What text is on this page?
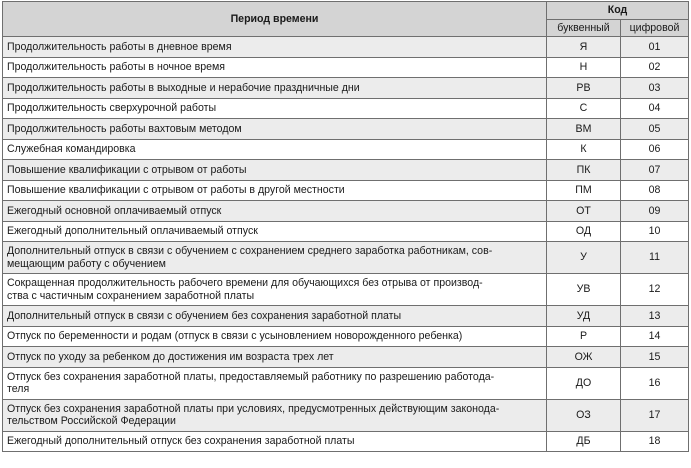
Период времени	Код	
	буквенный	цифровой
Продолжительность работы в дневное время	Я	01
Продолжительность работы в ночное время	Н	02
Продолжительность работы в выходные и нерабочие праздничные дни	РВ	03
Продолжительность сверхурочной работы	С	04
Продолжительность работы вахтовым методом	ВМ	05
Служебная командировка	К	06
Повышение квалификации с отрывом от работы	ПК	07
Повышение квалификации с отрывом от работы в другой местности	ПМ	08
Ежегодный основной оплачиваемый отпуск	ОТ	09
Ежегодный дополнительный оплачиваемый отпуск	ОД	10
Дополнительный отпуск в связи с обучением с сохранением среднего заработка работникам, сов-
мещающим работу с обучением	У	11
Сокращенная продолжительность рабочего времени для обучающихся без отрыва от производ-
ства с частичным сохранением заработной платы	УВ	12
Дополнительный отпуск в связи с обучением без сохранения заработной платы	УД	13
Отпуск по беременности и родам (отпуск в связи с усыновлением новорожденного ребенка)	Р	14
Отпуск по уходу за ребенком до достижения им возраста трех лет	ОЖ	15
Отпуск без сохранения заработной платы, предоставляемый работнику по разрешению работода-
теля	ДО	16
Отпуск без сохранения заработной платы при условиях, предусмотренных действующим законода-
тельством Российской Федерации	ОЗ	17
Ежегодный дополнительный отпуск без сохранения заработной платы	ДБ	18
